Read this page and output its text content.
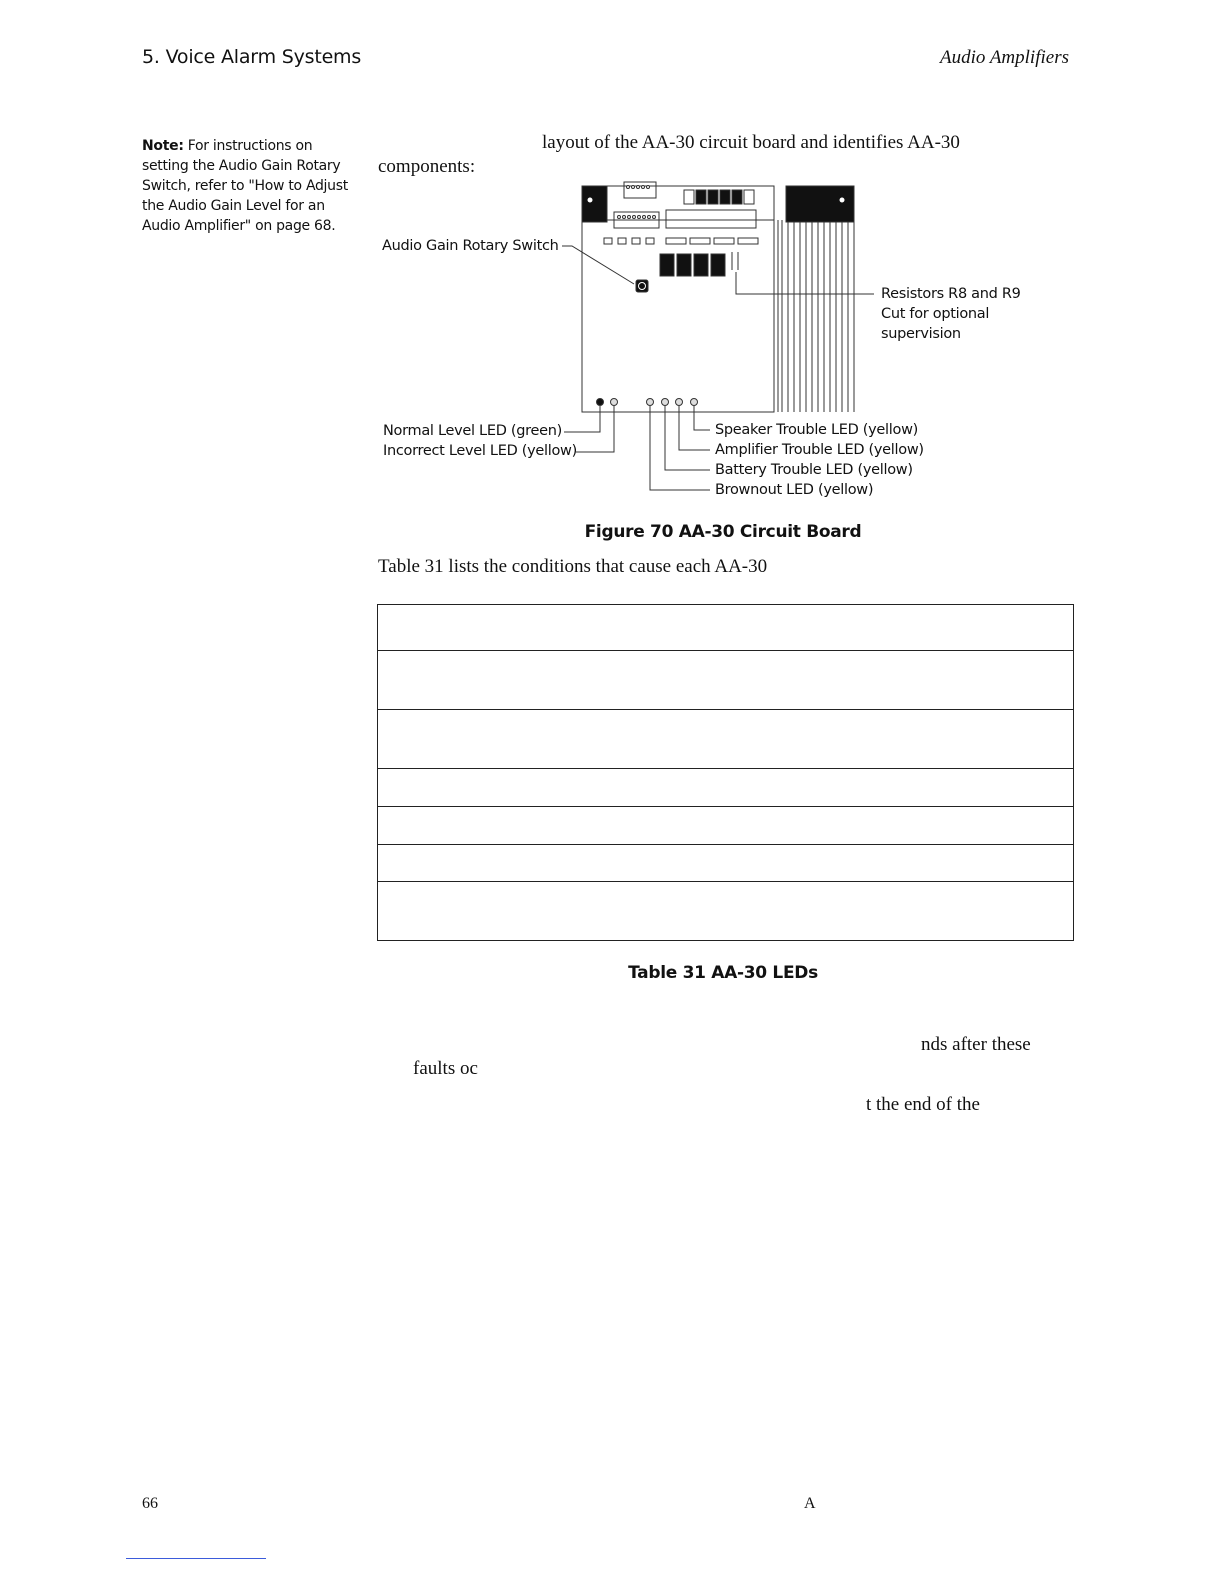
5. Voice Alarm Systems	Audio Amplifiers
Note: For instructions on setting the Audio Gain Rotary Switch, refer to "How to Adjust the Audio Gain Level for an Audio Amplifier" on page 68.
layout of the AA-30 circuit board and identifies AA-30
components:
Audio Gain Rotary Switch
Resistors R8 and R9
Cut for optional
supervision
Normal Level LED (green)
Incorrect Level LED (yellow)
Speaker Trouble LED (yellow)
Amplifier Trouble LED (yellow)
Battery Trouble LED (yellow)
Brownout LED (yellow)
Figure 70 AA-30 Circuit Board
Table 31 lists the conditions that cause each AA-30

Table 31 AA-30 LEDs
nds after these
faults oc
t the end of the
66	A
